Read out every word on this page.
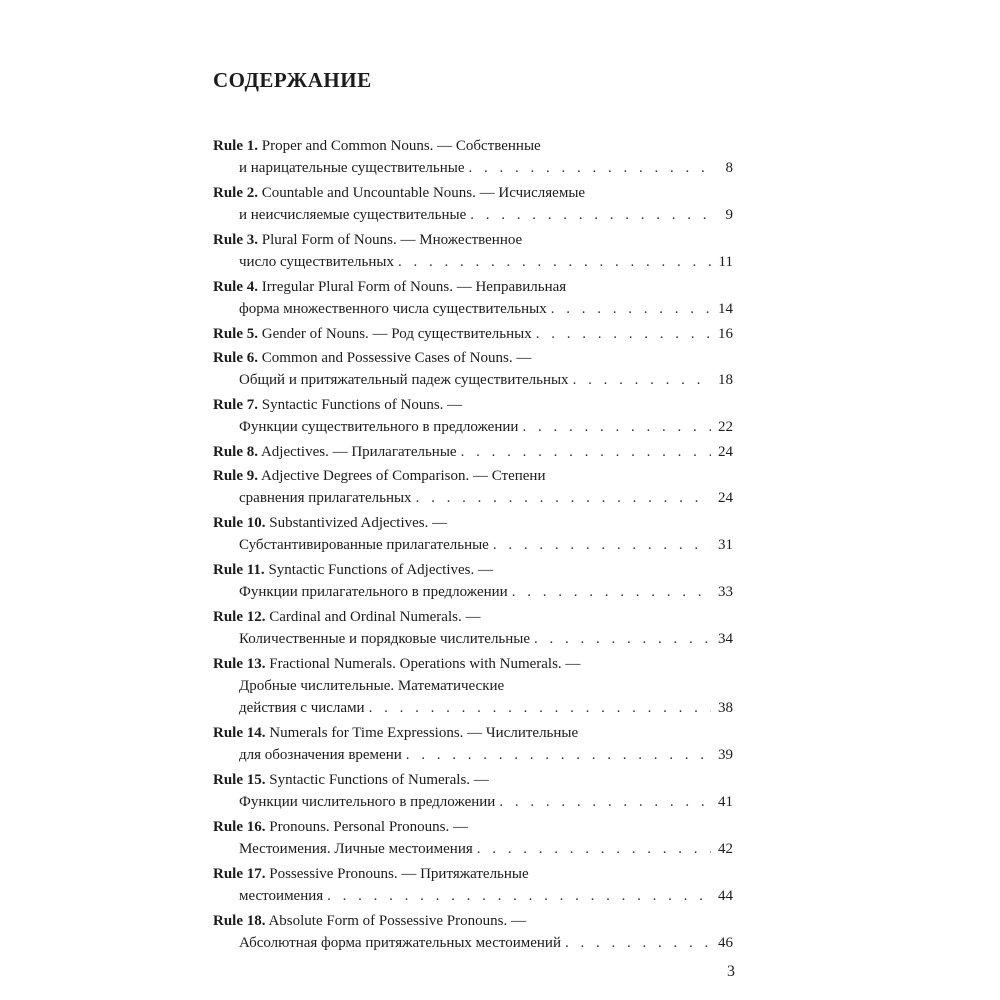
СОДЕРЖАНИЕ
Rule 1. Proper and Common Nouns. — Собственные
и нарицательные существительные . . .	8
Rule 2. Countable and Uncountable Nouns. — Исчисляемые
и неисчисляемые существительные . . .	9
Rule 3. Plural Form of Nouns. — Множественное
число существительных . . .	11
Rule 4. Irregular Plural Form of Nouns. — Неправильная
форма множественного числа существительных . . .	14
Rule 5. Gender of Nouns. — Род существительных . . .	16
Rule 6. Common and Possessive Cases of Nouns. —
Общий и притяжательный падеж существительных . . .	18
Rule 7. Syntactic Functions of Nouns. —
Функции существительного в предложении . . .	22
Rule 8. Adjectives. — Прилагательные . . .	24
Rule 9. Adjective Degrees of Comparison. — Степени
сравнения прилагательных . . .	24
Rule 10. Substantivized Adjectives. —
Субстантивированные прилагательные . . .	31
Rule 11. Syntactic Functions of Adjectives. —
Функции прилагательного в предложении . . .	33
Rule 12. Cardinal and Ordinal Numerals. —
Количественные и порядковые числительные . . .	34
Rule 13. Fractional Numerals. Operations with Numerals. —
Дробные числительные. Математические
действия с числами . . .	38
Rule 14. Numerals for Time Expressions. — Числительные
для обозначения времени . . .	39
Rule 15. Syntactic Functions of Numerals. —
Функции числительного в предложении . . .	41
Rule 16. Pronouns. Personal Pronouns. —
Местоимения. Личные местоимения . . .	42
Rule 17. Possessive Pronouns. — Притяжательные
местоимения . . .	44
Rule 18. Absolute Form of Possessive Pronouns. —
Абсолютная форма притяжательных местоимений . . .	46
3
